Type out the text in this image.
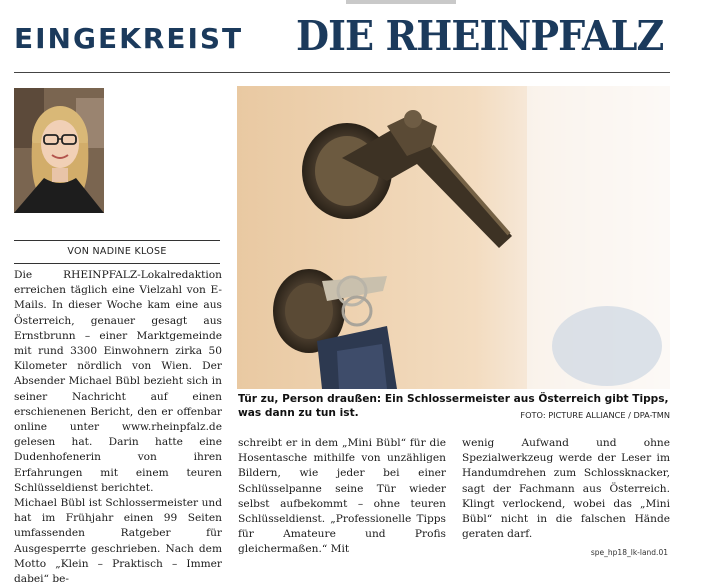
EINGEKREIST DIE RHEINPFALZ
VON NADINE KLOSE

Die RHEINPFALZ-Lokalredaktion erreichen täglich eine Vielzahl von E-Mails. In dieser Woche kam eine aus Österreich, genauer gesagt aus Ernstbrunn – einer Marktgemeinde mit rund 3300 Einwohnern zirka 50 Kilometer nördlich von Wien. Der Absender Michael Bübl bezieht sich in seiner Nachricht auf einen erschienenen Bericht, den er offenbar online unter www.rheinpfalz.de gelesen hat. Darin hatte eine Dudenhofenerin von ihren Erfahrungen mit einem teuren Schlüsseldienst berichtet.

Michael Bübl ist Schlossermeister und hat im Frühjahr einen 99 Seiten umfassenden Ratgeber für Ausgesperrte geschrieben. Nach dem Motto „Klein – Praktisch – Immer dabei“ be-

Tür zu, Person draußen: Ein Schlossermeister aus Österreich gibt Tipps, was dann zu tun ist.	FOTO: PICTURE ALLIANCE / DPA-TMN

schreibt er in dem „Mini Bübl“ für die Hosentasche mithilfe von unzähligen Bildern, wie jeder bei einer Schlüsselpanne seine Tür wieder selbst aufbekommt – ohne teuren Schlüsseldienst. „Professionelle Tipps für Amateure und Profis gleichermaßen.“ Mit

wenig Aufwand und ohne Spezialwerkzeug werde der Leser im Handumdrehen zum Schlossknacker, sagt der Fachmann aus Österreich. Klingt verlockend, wobei das „Mini Bübl“ nicht in die falschen Hände geraten darf.

spe_hp18_lk-land.01
